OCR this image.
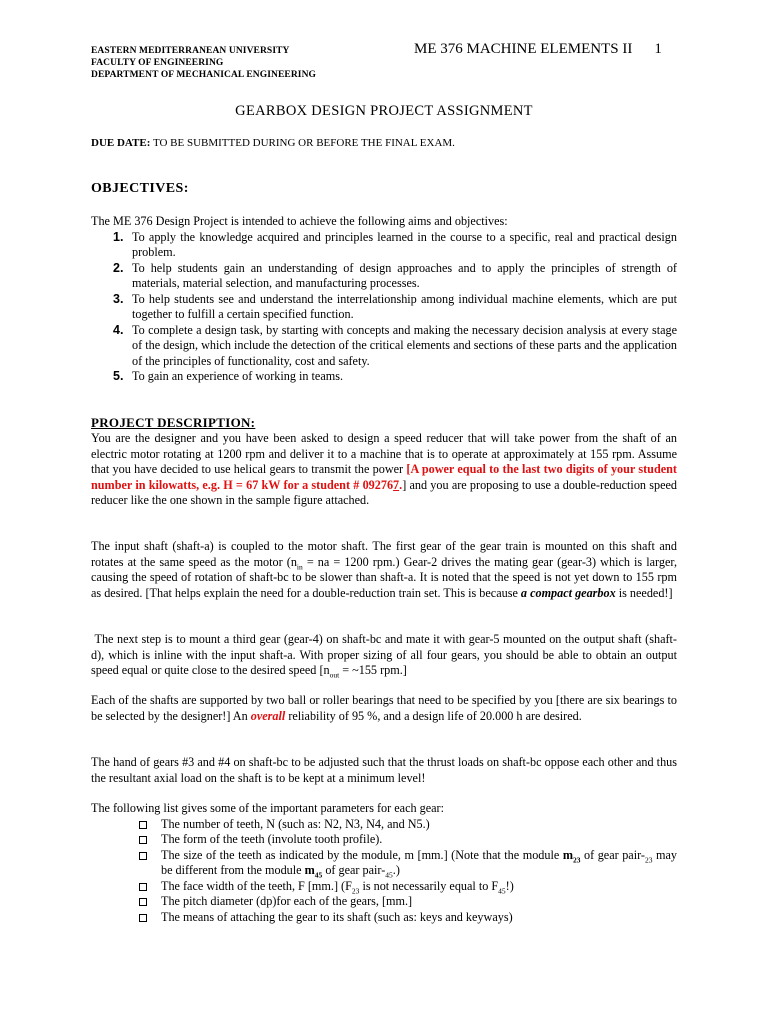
EASTERN MEDITERRANEAN UNIVERSITY
FACULTY OF ENGINEERING
DEPARTMENT OF MECHANICAL ENGINEERING
ME 376 MACHINE ELEMENTS II 1
GEARBOX DESIGN PROJECT ASSIGNMENT
DUE DATE: TO BE SUBMITTED DURING OR BEFORE THE FINAL EXAM.
OBJECTIVES:
The ME 376 Design Project is intended to achieve the following aims and objectives:
1. To apply the knowledge acquired and principles learned in the course to a specific, real and practical design problem.
2. To help students gain an understanding of design approaches and to apply the principles of strength of materials, material selection, and manufacturing processes.
3. To help students see and understand the interrelationship among individual machine elements, which are put together to fulfill a certain specified function.
4. To complete a design task, by starting with concepts and making the necessary decision analysis at every stage of the design, which include the detection of the critical elements and sections of these parts and the application of the principles of functionality, cost and safety.
5. To gain an experience of working in teams.
PROJECT DESCRIPTION:
You are the designer and you have been asked to design a speed reducer that will take power from the shaft of an electric motor rotating at 1200 rpm and deliver it to a machine that is to operate at approximately at 155 rpm. Assume that you have decided to use helical gears to transmit the power [A power equal to the last two digits of your student number in kilowatts, e.g. H = 67 kW for a student # 092767.] and you are proposing to use a double-reduction speed reducer like the one shown in the sample figure attached.
The input shaft (shaft-a) is coupled to the motor shaft. The first gear of the gear train is mounted on this shaft and rotates at the same speed as the motor ($n_{in}$ = na = 1200 rpm.) Gear-2 drives the mating gear (gear-3) which is larger, causing the speed of rotation of shaft-bc to be slower than shaft-a. It is noted that the speed is not yet down to 155 rpm as desired. [That helps explain the need for a double-reduction train set. This is because a compact gearbox is needed!]
The next step is to mount a third gear (gear-4) on shaft-bc and mate it with gear-5 mounted on the output shaft (shaft-d), which is inline with the input shaft-a. With proper sizing of all four gears, you should be able to obtain an output speed equal or quite close to the desired speed [$n_{out}$ = ~155 rpm.]
Each of the shafts are supported by two ball or roller bearings that need to be specified by you [there are six bearings to be selected by the designer!] An overall reliability of 95 %, and a design life of 20.000 h are desired.
The hand of gears #3 and #4 on shaft-bc to be adjusted such that the thrust loads on shaft-bc oppose each other and thus the resultant axial load on the shaft is to be kept at a minimum level!
The following list gives some of the important parameters for each gear:
The number of teeth, N (such as: N2, N3, N4, and N5.)
The form of the teeth (involute tooth profile).
The size of the teeth as indicated by the module, m [mm.] (Note that the module $m_{23}$ of gear pair-$_{23}$ may be different from the module $m_{45}$ of gear pair-$_{45}$.)
The face width of the teeth, F [mm.] ($F_{23}$ is not necessarily equal to $F_{45}$!)
The pitch diameter (dp)for each of the gears, [mm.]
The means of attaching the gear to its shaft (such as: keys and keyways)
